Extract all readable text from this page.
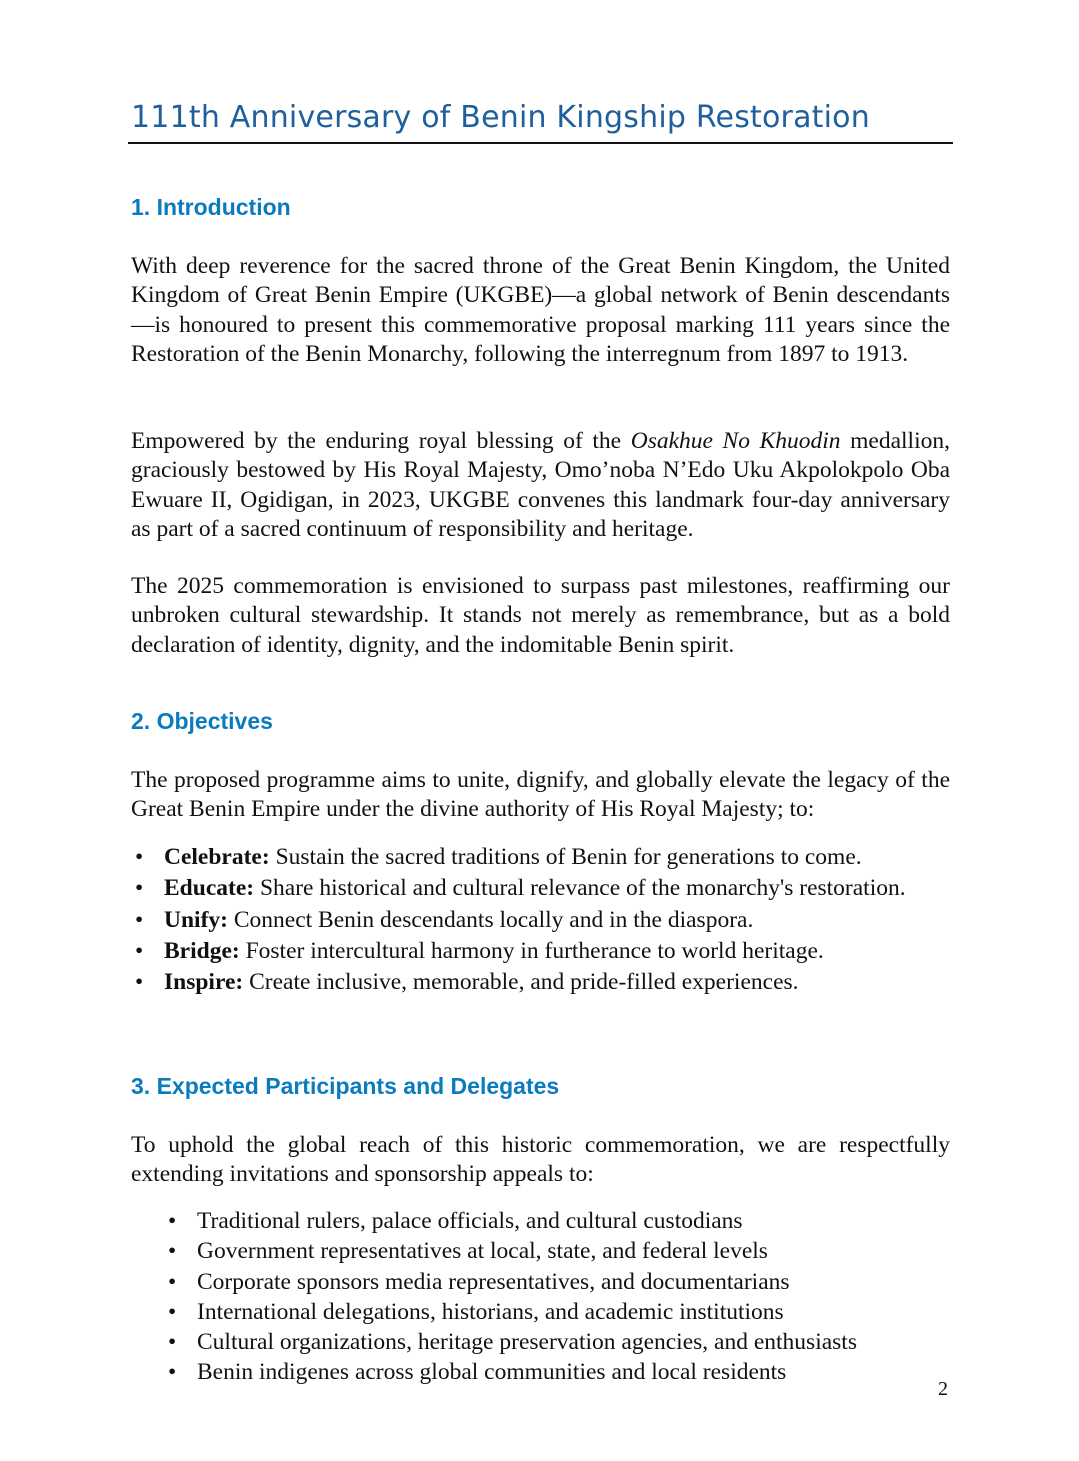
111th Anniversary of Benin Kingship Restoration
1. Introduction

With deep reverence for the sacred throne of the Great Benin Kingdom, the United Kingdom of Great Benin Empire (UKGBE)—a global network of Benin descendants—is honoured to present this commemorative proposal marking 111 years since the Restoration of the Benin Monarchy, following the interregnum from 1897 to 1913.

Empowered by the enduring royal blessing of the Osakhue No Khuodin medallion, graciously bestowed by His Royal Majesty, Omo’noba N’Edo Uku Akpolokpolo Oba Ewuare II, Ogidigan, in 2023, UKGBE convenes this landmark four-day anniversary as part of a sacred continuum of responsibility and heritage.

The 2025 commemoration is envisioned to surpass past milestones, reaffirming our unbroken cultural stewardship. It stands not merely as remembrance, but as a bold declaration of identity, dignity, and the indomitable Benin spirit.

2. Objectives

The proposed programme aims to unite, dignify, and globally elevate the legacy of the Great Benin Empire under the divine authority of His Royal Majesty; to:

• Celebrate: Sustain the sacred traditions of Benin for generations to come.
• Educate: Share historical and cultural relevance of the monarchy's restoration.
• Unify: Connect Benin descendants locally and in the diaspora.
• Bridge: Foster intercultural harmony in furtherance to world heritage.
• Inspire: Create inclusive, memorable, and pride-filled experiences.
3. Expected Participants and Delegates

To uphold the global reach of this historic commemoration, we are respectfully extending invitations and sponsorship appeals to:

• Traditional rulers, palace officials, and cultural custodians
• Government representatives at local, state, and federal levels
• Corporate sponsors media representatives, and documentarians
• International delegations, historians, and academic institutions
• Cultural organizations, heritage preservation agencies, and enthusiasts
• Benin indigenes across global communities and local residents
2
